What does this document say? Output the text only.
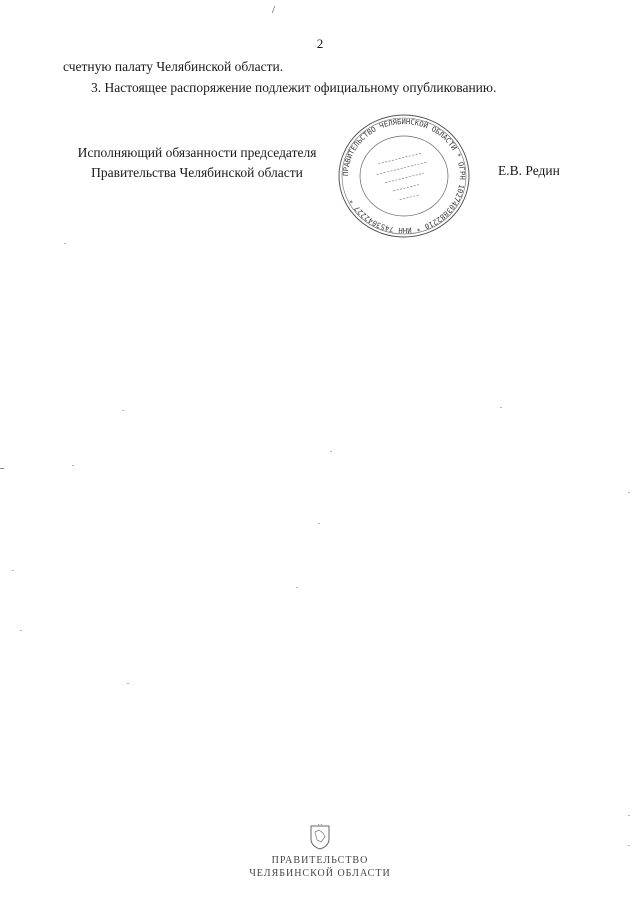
/
2
счетную палату Челябинской области.
3. Настоящее распоряжение подлежит официальному опубликованию.
Исполняющий обязанности председателя
Правительства Челябинской области	Е.В. Редин
ПРАВИТЕЛЬСТВО ЧЕЛЯБИНСКОЙ ОБЛАСТИ * ОГРН 1027403882210 * ИНН 7453042227 *
ПРАВИТЕЛЬСТВО
ЧЕЛЯБИНСКОЙ ОБЛАСТИ
